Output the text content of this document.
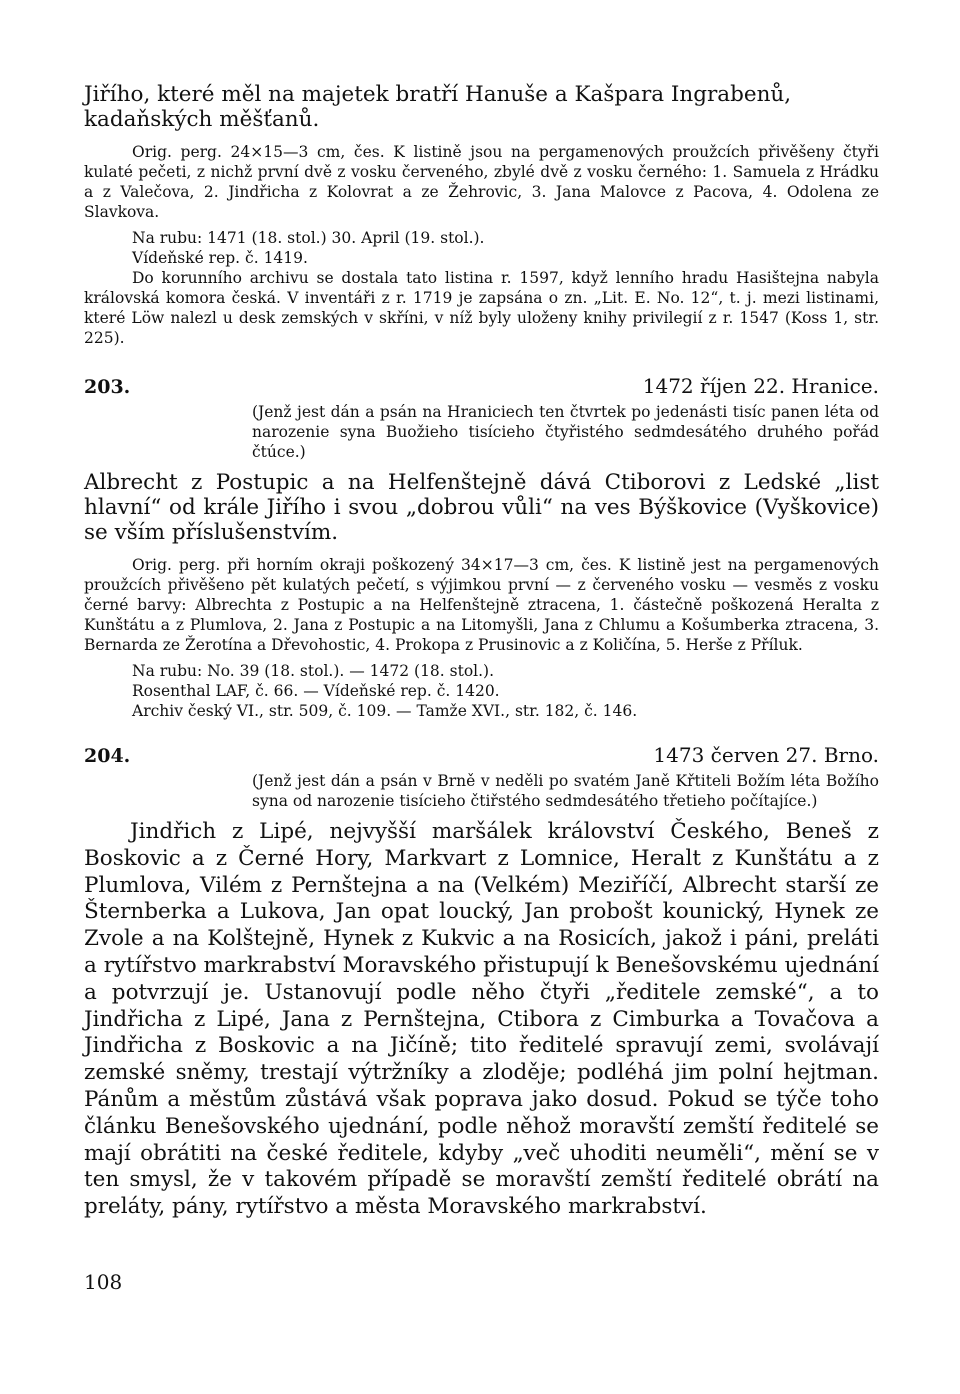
Jiřího, které měl na majetek bratří Hanuše a Kašpara Ingrabenů, kadaňských měšťanů.

Orig. perg. 24×15—3 cm, čes. K listině jsou na pergamenových proužcích přivěšeny čtyři kulaté pečeti, z nichž první dvě z vosku červeného, zbylé dvě z vosku černého: 1. Samuela z Hrádku a z Valečova, 2. Jindřicha z Kolovrat a ze Žehrovic, 3. Jana Malovce z Pacova, 4. Odolena ze Slavkova.

Na rubu: 1471 (18. stol.) 30. April (19. stol.).

Vídeňské rep. č. 1419.

Do korunního archivu se dostala tato listina r. 1597, když lenního hradu Hasištejna nabyla královská komora česká. V inventáři z r. 1719 je zapsána o zn. „Lit. E. No. 12“, t. j. mezi listinami, které Löw nalezl u desk zemských v skříni, v níž byly uloženy knihy privilegií z r. 1547 (Koss 1, str. 225).

203.	1472 říjen 22. Hranice.

(Jenž jest dán a psán na Hraniciech ten čtvrtek po jedenásti tisíc panen léta od narozenie syna Buožieho tisícieho čtyřistého sedmdesátého druhého pořád čtúce.)

Albrecht z Postupic a na Helfenštejně dává Ctiborovi z Ledské „list hlavní“ od krále Jiřího i svou „dobrou vůli“ na ves Býškovice (Vyškovice) se vším příslušenstvím.

Orig. perg. při horním okraji poškozený 34×17—3 cm, čes. K listině jest na pergamenových proužcích přivěšeno pět kulatých pečetí, s výjimkou první — z červeného vosku — vesměs z vosku černé barvy: Albrechta z Postupic a na Helfenštejně ztracena, 1. částečně poškozená Heralta z Kunštátu a z Plumlova, 2. Jana z Postupic a na Litomyšli, Jana z Chlumu a Košumberka ztracena, 3. Bernarda ze Žerotína a Dřevohostic, 4. Prokopa z Prusinovic a z Količína, 5. Herše z Příluk.

Na rubu: No. 39 (18. stol.). — 1472 (18. stol.).

Rosenthal LAF, č. 66. — Vídeňské rep. č. 1420.

Archiv český VI., str. 509, č. 109. — Tamže XVI., str. 182, č. 146.

204.	1473 červen 27. Brno.

(Jenž jest dán a psán v Brně v neděli po svatém Janě Křtiteli Božím léta Božího syna od narozenie tisícieho čtiřstého sedmdesátého třetieho počítajíce.)

Jindřich z Lipé, nejvyšší maršálek království Českého, Beneš z Boskovic a z Černé Hory, Markvart z Lomnice, Heralt z Kunštátu a z Plumlova, Vilém z Pernštejna a na (Velkém) Meziříčí, Albrecht starší ze Šternberka a Lukova, Jan opat loucký, Jan probošt kounický, Hynek ze Zvole a na Kolštejně, Hynek z Kukvic a na Rosicích, jakož i páni, preláti a rytířstvo markrabství Moravského přistupují k Benešovskému ujednání a potvrzují je. Ustanovují podle něho čtyři „ředitele zemské“, a to Jindřicha z Lipé, Jana z Pernštejna, Ctibora z Cimburka a Tovačova a Jindřicha z Boskovic a na Jičíně; tito ředitelé spravují zemi, svolávají zemské sněmy, trestají výtržníky a zloděje; podléhá jim polní hejtman. Pánům a městům zůstává však poprava jako dosud. Pokud se týče toho článku Benešovského ujednání, podle něhož moravští zemští ředitelé se mají obrátiti na české ředitele, kdyby „več uhoditi neuměli“, mění se v ten smysl, že v takovém případě se moravští zemští ředitelé obrátí na preláty, pány, rytířstvo a města Moravského markrabství.

108
